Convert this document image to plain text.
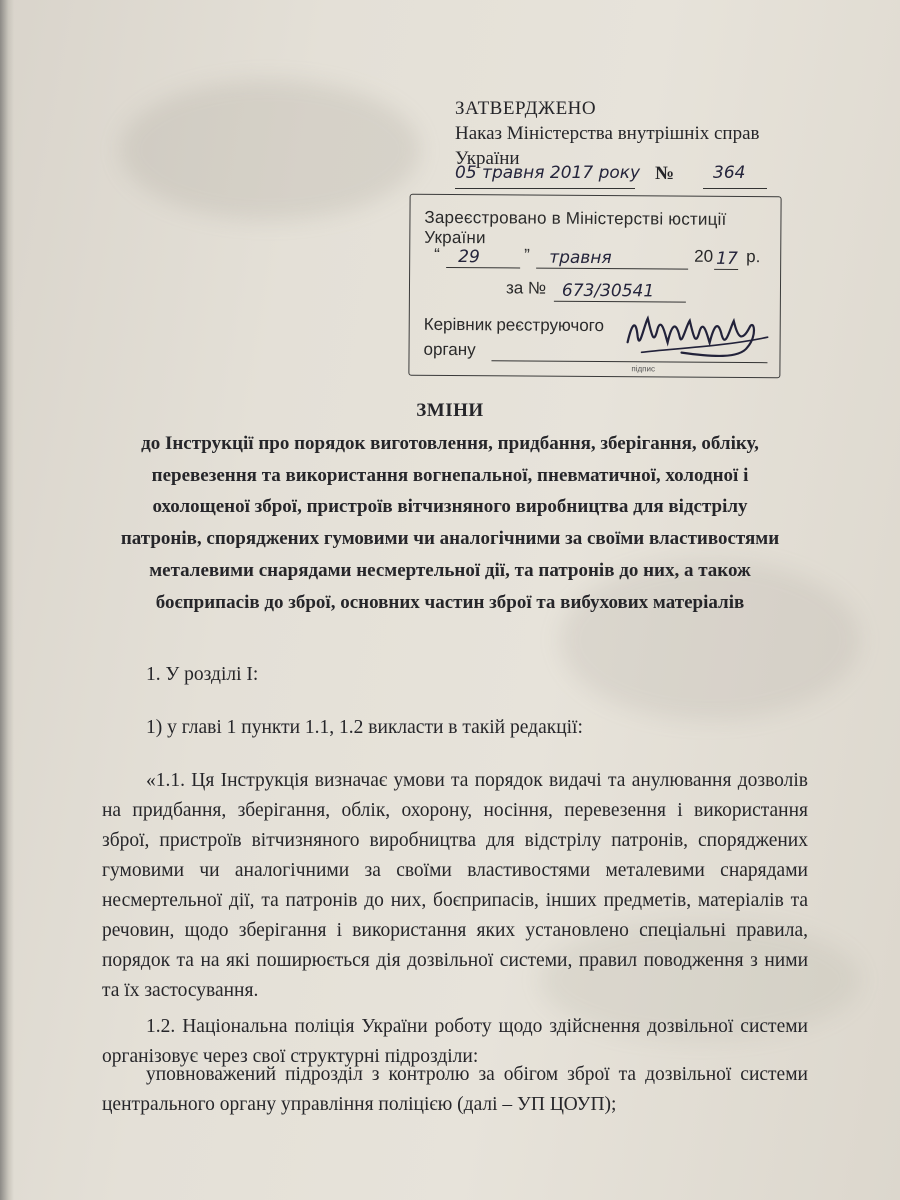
ЗАТВЕРДЖЕНО
Наказ Міністерства внутрішніх справ
України
05 травня 2017 року № 364
Зареєстровано в Міністерстві юстиції України
“ 29	” травня	20 17 р.
за № 673/30541
Керівник реєструючого
органу
підпис
ЗМІНИ
до Інструкції про порядок виготовлення, придбання, зберігання, обліку, перевезення та використання вогнепальної, пневматичної, холодної і охолощеної зброї, пристроїв вітчизняного виробництва для відстрілу патронів, споряджених гумовими чи аналогічними за своїми властивостями металевими снарядами несмертельної дії, та патронів до них, а також боєприпасів до зброї, основних частин зброї та вибухових матеріалів
1. У розділі І:
1) у главі 1 пункти 1.1, 1.2 викласти в такій редакції:
«1.1. Ця Інструкція визначає умови та порядок видачі та анулювання дозволів на придбання, зберігання, облік, охорону, носіння, перевезення і використання зброї, пристроїв вітчизняного виробництва для відстрілу патронів, споряджених гумовими чи аналогічними за своїми властивостями металевими снарядами несмертельної дії, та патронів до них, боєприпасів, інших предметів, матеріалів та речовин, щодо зберігання і використання яких установлено спеціальні правила, порядок та на які поширюється дія дозвільної системи, правил поводження з ними та їх застосування.
1.2. Національна поліція України роботу щодо здійснення дозвільної системи організовує через свої структурні підрозділи:
уповноважений підрозділ з контролю за обігом зброї та дозвільної системи центрального органу управління поліцією (далі – УП ЦОУП);
